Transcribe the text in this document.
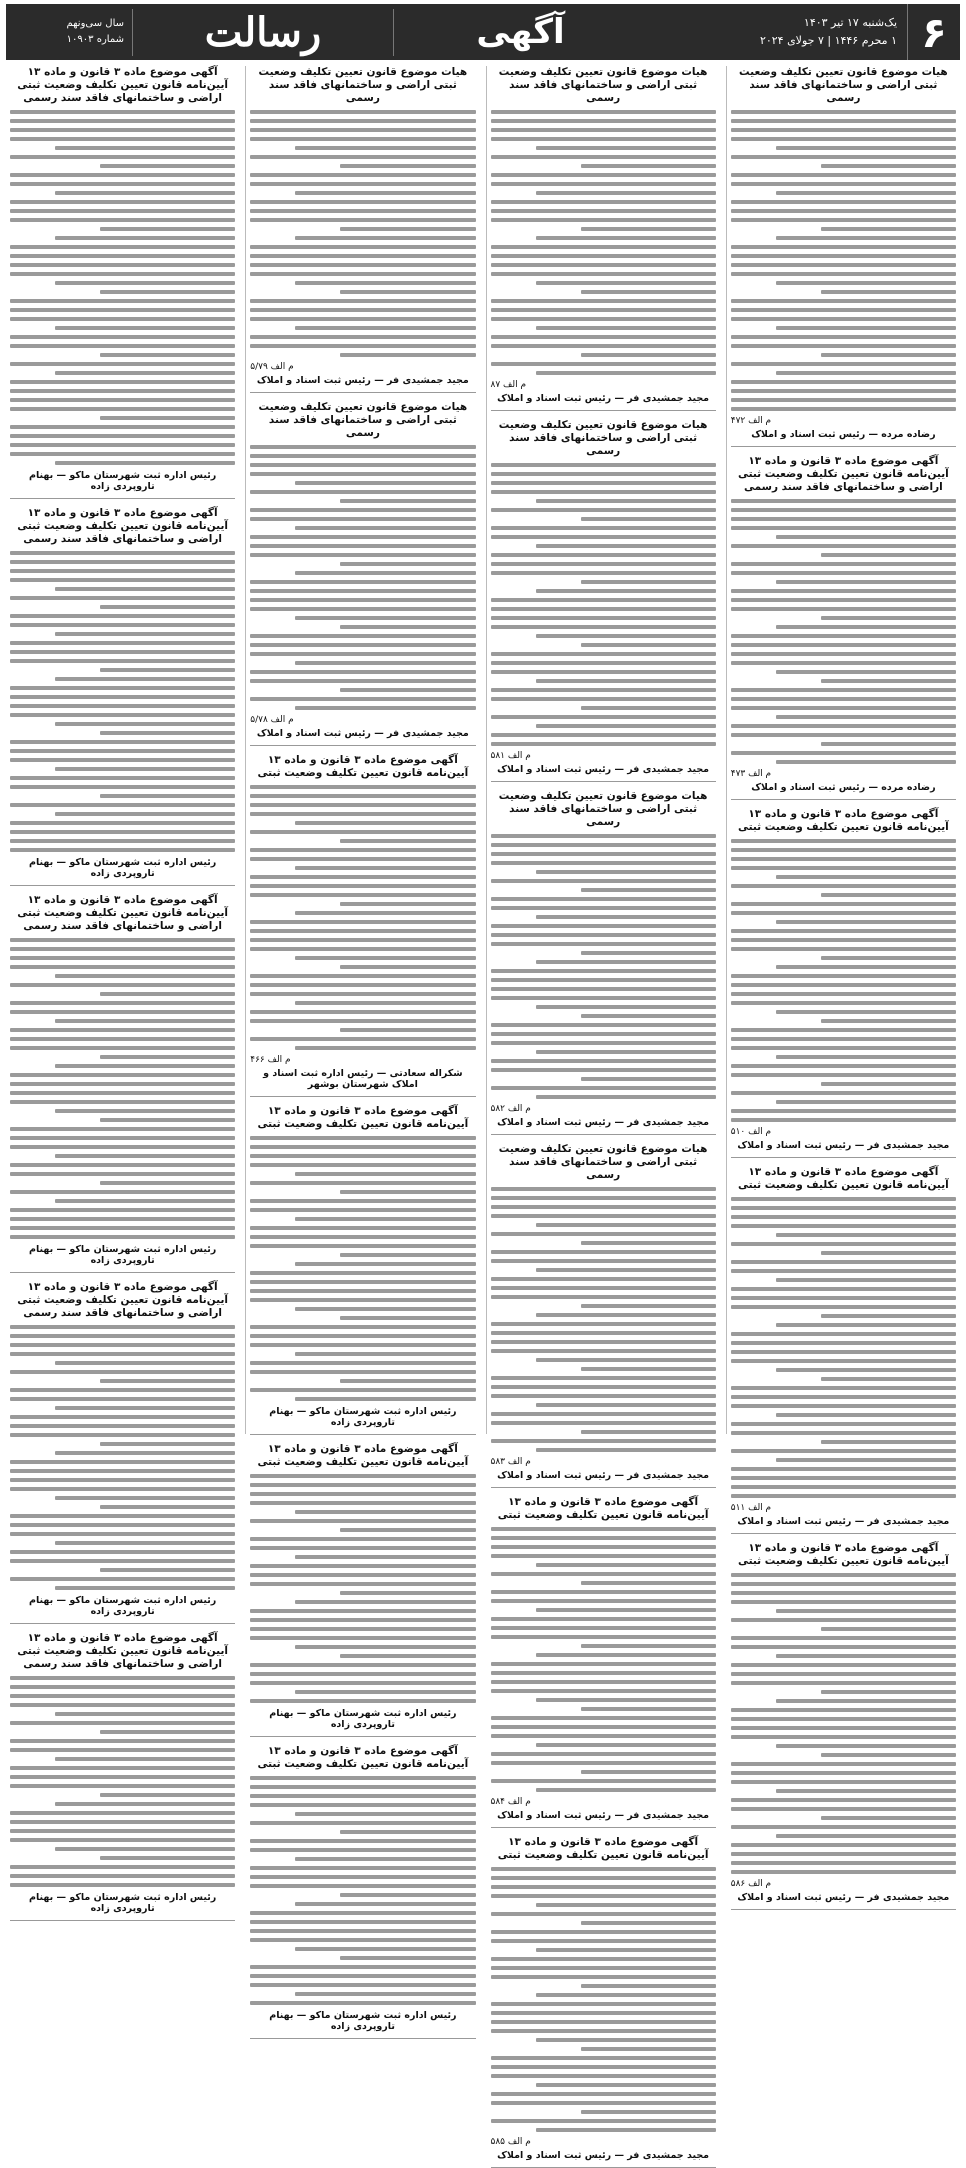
۶
یک‌شنبه ۱۷ تیر ۱۴۰۳
۱ محرم ۱۴۴۶ | ۷ جولای ۲۰۲۴
آگهی
رسالت
سال سی‌ونهم
شماره ۱۰۹۰۳
هیات موضوع قانون تعیین تکلیف وضعیت ثبتی اراضی و ساختمانهای فاقد سند رسمی
م الف ۴۷۲
رضاده مرده — رئیس ثبت اسناد و املاک
آگهی موضوع ماده ۳ قانون و ماده ۱۳ آیین‌نامه قانون تعیین تکلیف وضعیت ثبتی اراضی و ساختمانهای فاقد سند رسمی
م الف ۴۷۳
رضاده مرده — رئیس ثبت اسناد و املاک
آگهی موضوع ماده ۳ قانون و ماده ۱۳ آیین‌نامه قانون تعیین تکلیف وضعیت ثبتی
م الف ۵۱۰
مجید جمشیدی فر — رئیس ثبت اسناد و املاک
آگهی موضوع ماده ۳ قانون و ماده ۱۳ آیین‌نامه قانون تعیین تکلیف وضعیت ثبتی
م الف ۵۱۱
مجید جمشیدی فر — رئیس ثبت اسناد و املاک
آگهی موضوع ماده ۳ قانون و ماده ۱۳ آیین‌نامه قانون تعیین تکلیف وضعیت ثبتی
م الف ۵۸۶
مجید جمشیدی فر — رئیس ثبت اسناد و املاک
هیات موضوع قانون تعیین تکلیف وضعیت ثبتی اراضی و ساختمانهای فاقد سند رسمی
م الف ۸۷
مجید جمشیدی فر — رئیس ثبت اسناد و املاک
هیات موضوع قانون تعیین تکلیف وضعیت ثبتی اراضی و ساختمانهای فاقد سند رسمی
م الف ۵۸۱
مجید جمشیدی فر — رئیس ثبت اسناد و املاک
هیات موضوع قانون تعیین تکلیف وضعیت ثبتی اراضی و ساختمانهای فاقد سند رسمی
م الف ۵۸۲
مجید جمشیدی فر — رئیس ثبت اسناد و املاک
هیات موضوع قانون تعیین تکلیف وضعیت ثبتی اراضی و ساختمانهای فاقد سند رسمی
م الف ۵۸۳
مجید جمشیدی فر — رئیس ثبت اسناد و املاک
آگهی موضوع ماده ۳ قانون و ماده ۱۳ آیین‌نامه قانون تعیین تکلیف وضعیت ثبتی
م الف ۵۸۴
مجید جمشیدی فر — رئیس ثبت اسناد و املاک
آگهی موضوع ماده ۳ قانون و ماده ۱۳ آیین‌نامه قانون تعیین تکلیف وضعیت ثبتی
م الف ۵۸۵
مجید جمشیدی فر — رئیس ثبت اسناد و املاک
هیات موضوع قانون تعیین تکلیف وضعیت ثبتی اراضی و ساختمانهای فاقد سند رسمی
م الف ۵/۷۹
مجید جمشیدی فر — رئیس ثبت اسناد و املاک
هیات موضوع قانون تعیین تکلیف وضعیت ثبتی اراضی و ساختمانهای فاقد سند رسمی
م الف ۵/۷۸
مجید جمشیدی فر — رئیس ثبت اسناد و املاک
آگهی موضوع ماده ۳ قانون و ماده ۱۳ آیین‌نامه قانون تعیین تکلیف وضعیت ثبتی
م الف ۴۶۶
شکراله سعادتی — رئیس اداره ثبت اسناد و املاک شهرستان بوشهر
آگهی موضوع ماده ۳ قانون و ماده ۱۳ آیین‌نامه قانون تعیین تکلیف وضعیت ثبتی
رئیس اداره ثبت شهرستان ماکو — بهنام تاروپردی زاده
آگهی موضوع ماده ۳ قانون و ماده ۱۳ آیین‌نامه قانون تعیین تکلیف وضعیت ثبتی
رئیس اداره ثبت شهرستان ماکو — بهنام تاروپردی زاده
آگهی موضوع ماده ۳ قانون و ماده ۱۳ آیین‌نامه قانون تعیین تکلیف وضعیت ثبتی
رئیس اداره ثبت شهرستان ماکو — بهنام تاروپردی زاده
آگهی موضوع ماده ۳ قانون و ماده ۱۳ آیین‌نامه قانون تعیین تکلیف وضعیت ثبتی اراضی و ساختمانهای فاقد سند رسمی
رئیس اداره ثبت شهرستان ماکو — بهنام تاروپردی زاده
آگهی موضوع ماده ۳ قانون و ماده ۱۳ آیین‌نامه قانون تعیین تکلیف وضعیت ثبتی اراضی و ساختمانهای فاقد سند رسمی
رئیس اداره ثبت شهرستان ماکو — بهنام تاروپردی زاده
آگهی موضوع ماده ۳ قانون و ماده ۱۳ آیین‌نامه قانون تعیین تکلیف وضعیت ثبتی اراضی و ساختمانهای فاقد سند رسمی
رئیس اداره ثبت شهرستان ماکو — بهنام تاروپردی زاده
آگهی موضوع ماده ۳ قانون و ماده ۱۳ آیین‌نامه قانون تعیین تکلیف وضعیت ثبتی اراضی و ساختمانهای فاقد سند رسمی
رئیس اداره ثبت شهرستان ماکو — بهنام تاروپردی زاده
آگهی موضوع ماده ۳ قانون و ماده ۱۳ آیین‌نامه قانون تعیین تکلیف وضعیت ثبتی اراضی و ساختمانهای فاقد سند رسمی
رئیس اداره ثبت شهرستان ماکو — بهنام تاروپردی زاده
